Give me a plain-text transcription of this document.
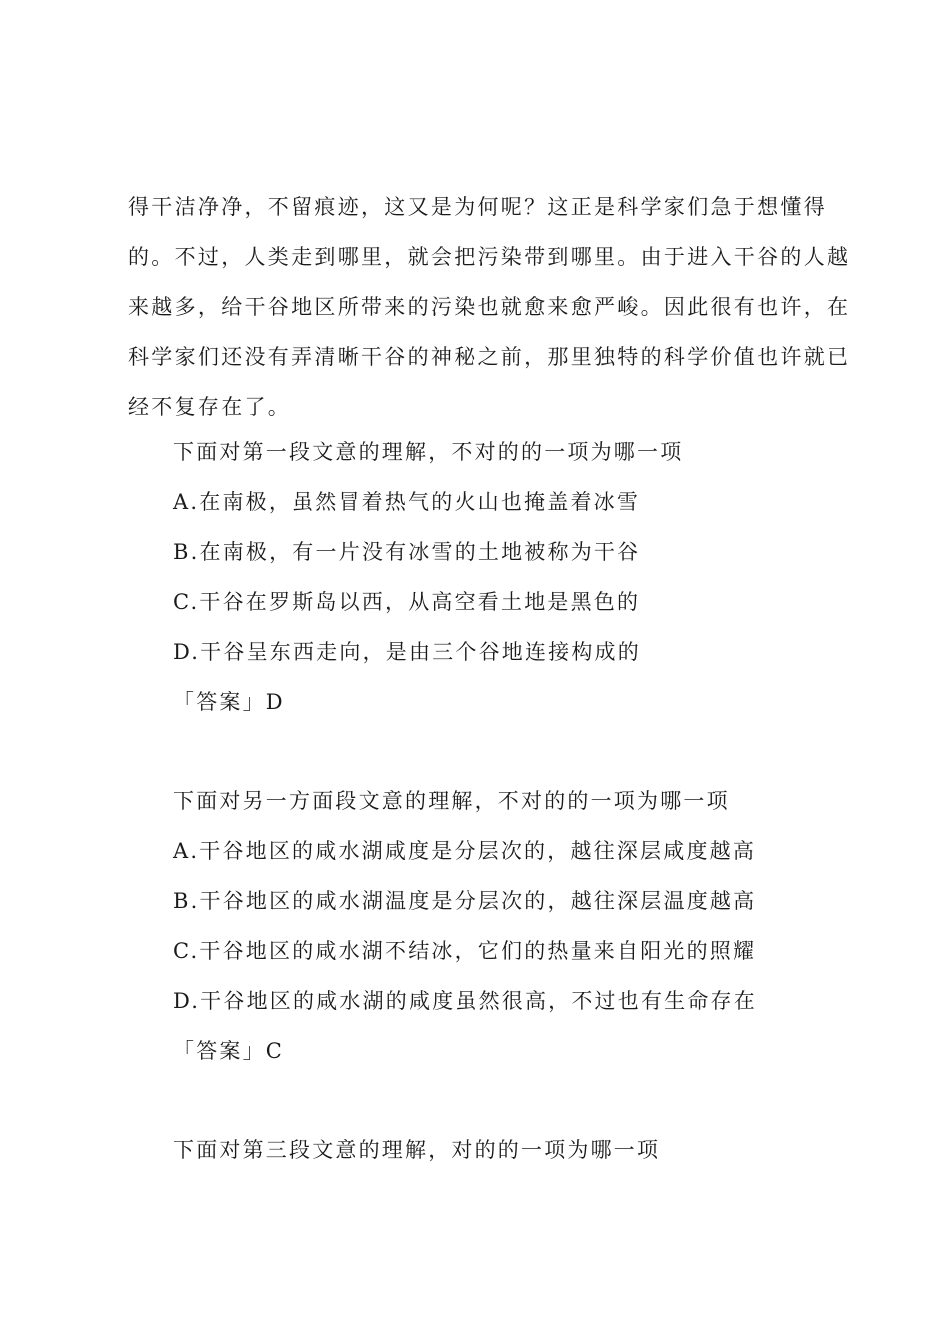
得干洁净净，不留痕迹，这又是为何呢？这正是科学家们急于想懂得
的。不过，人类走到哪里，就会把污染带到哪里。由于进入干谷的人越
来越多，给干谷地区所带来的污染也就愈来愈严峻。因此很有也许，在
科学家们还没有弄清晰干谷的神秘之前，那里独特的科学价值也许就已
经不复存在了。

下面对第一段文意的理解，不对的的一项为哪一项

A.在南极，虽然冒着热气的火山也掩盖着冰雪

B.在南极，有一片没有冰雪的土地被称为干谷

C.干谷在罗斯岛以西，从高空看土地是黑色的

D.干谷呈东西走向，是由三个谷地连接构成的

「答案」D

下面对另一方面段文意的理解，不对的的一项为哪一项

A.干谷地区的咸水湖咸度是分层次的，越往深层咸度越高

B.干谷地区的咸水湖温度是分层次的，越往深层温度越高

C.干谷地区的咸水湖不结冰，它们的热量来自阳光的照耀

D.干谷地区的咸水湖的咸度虽然很高，不过也有生命存在

「答案」C

下面对第三段文意的理解，对的的一项为哪一项
